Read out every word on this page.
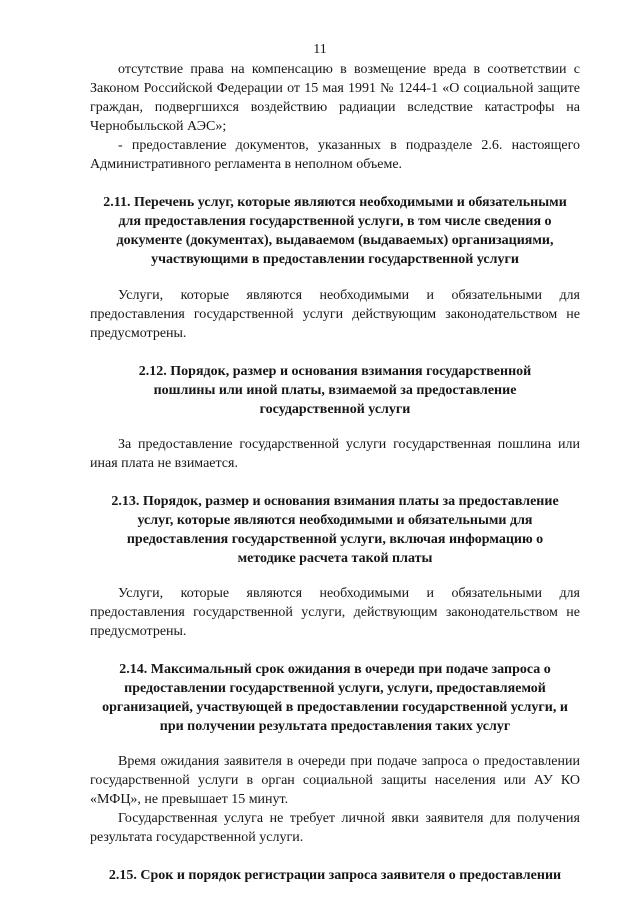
11

отсутствие права на компенсацию в возмещение вреда в соответствии с Законом Российской Федерации от 15 мая 1991 № 1244-1 «О социальной защите граждан, подвергшихся воздействию радиации вследствие катастрофы на Чернобыльской АЭС»;

- предоставление документов, указанных в подразделе 2.6. настоящего Административного регламента в неполном объеме.

2.11. Перечень услуг, которые являются необходимыми и обязательными для предоставления государственной услуги, в том числе сведения о документе (документах), выдаваемом (выдаваемых) организациями, участвующими в предоставлении государственной услуги

Услуги, которые являются необходимыми и обязательными для предоставления государственной услуги действующим законодательством не предусмотрены.

2.12. Порядок, размер и основания взимания государственной пошлины или иной платы, взимаемой за предоставление государственной услуги

За предоставление государственной услуги государственная пошлина или иная плата не взимается.

2.13. Порядок, размер и основания взимания платы за предоставление услуг, которые являются необходимыми и обязательными для предоставления государственной услуги, включая информацию о методике расчета такой платы

Услуги, которые являются необходимыми и обязательными для предоставления государственной услуги, действующим законодательством не предусмотрены.

2.14. Максимальный срок ожидания в очереди при подаче запроса о предоставлении государственной услуги, услуги, предоставляемой организацией, участвующей в предоставлении государственной услуги, и при получении результата предоставления таких услуг

Время ожидания заявителя в очереди при подаче запроса о предоставлении государственной услуги в орган социальной защиты населения или АУ КО «МФЦ», не превышает 15 минут.

Государственная услуга не требует личной явки заявителя для получения результата государственной услуги.

2.15. Срок и порядок регистрации запроса заявителя о предоставлении
